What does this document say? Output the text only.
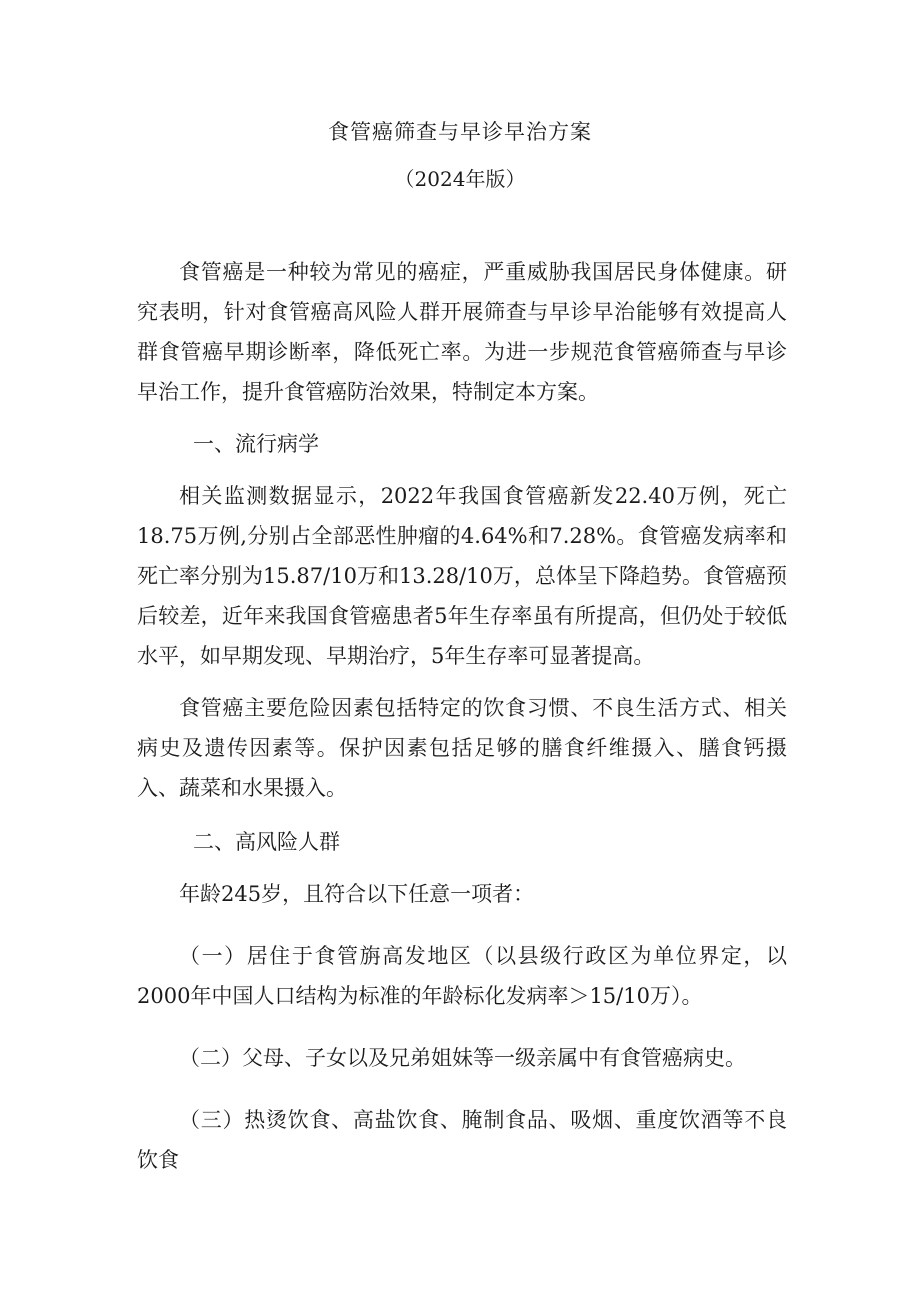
食管癌筛查与早诊早治方案
（2024年版）

食管癌是一种较为常见的癌症，严重威胁我国居民身体健康。研究表明，针对食管癌高风险人群开展筛查与早诊早治能够有效提高人群食管癌早期诊断率，降低死亡率。为进一步规范食管癌筛查与早诊早治工作，提升食管癌防治效果，特制定本方案。

一、流行病学

相关监测数据显示，2022年我国食管癌新发22.40万例，死亡18.75万例,分别占全部恶性肿瘤的4.64%和7.28%。食管癌发病率和死亡率分别为15.87/10万和13.28/10万，总体呈下降趋势。食管癌预后较差，近年来我国食管癌患者5年生存率虽有所提高，但仍处于较低水平，如早期发现、早期治疗，5年生存率可显著提高。

食管癌主要危险因素包括特定的饮食习惯、不良生活方式、相关病史及遗传因素等。保护因素包括足够的膳食纤维摄入、膳食钙摄入、蔬菜和水果摄入。

二、高风险人群

年龄245岁，且符合以下任意一项者：

（一）居住于食管旃高发地区（以县级行政区为单位界定，以2000年中国人口结构为标准的年龄标化发病率＞15/10万）。

（二）父母、子女以及兄弟姐妹等一级亲属中有食管癌病史。

（三）热烫饮食、高盐饮食、腌制食品、吸烟、重度饮酒等不良饮食
